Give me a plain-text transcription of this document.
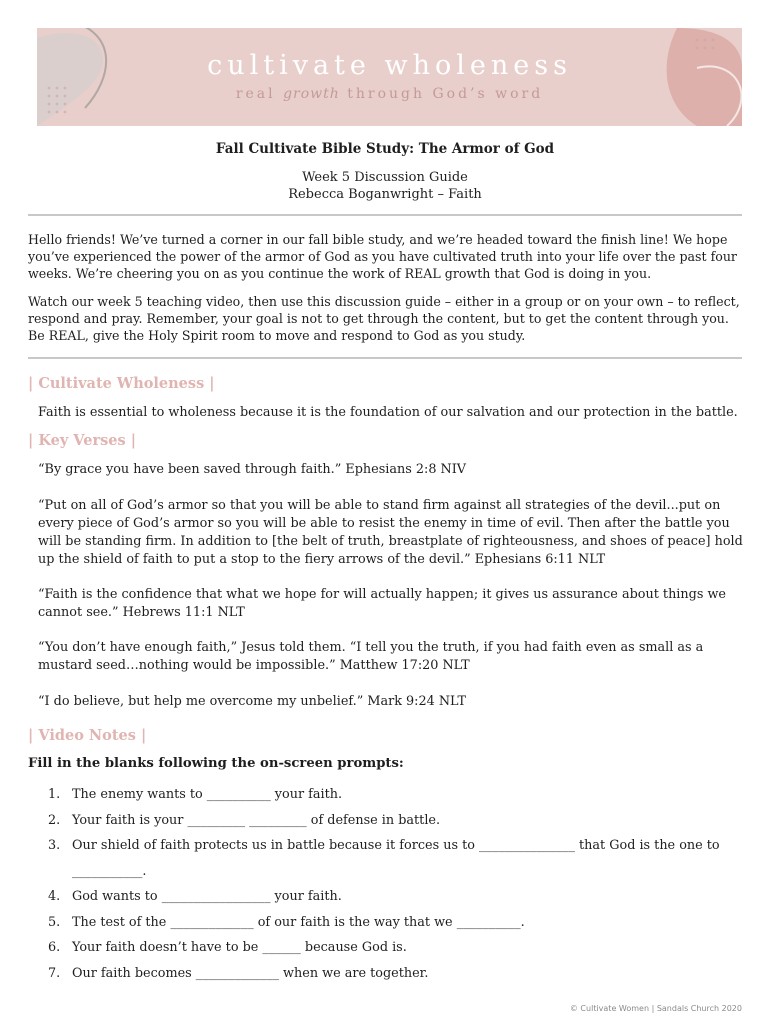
cultivate wholeness
real growth through God’s word
Fall Cultivate Bible Study: The Armor of God
Week 5 Discussion Guide
Rebecca Boganwright – Faith
Hello friends! We’ve turned a corner in our fall bible study, and we’re headed toward the finish line! We hope you’ve experienced the power of the armor of God as you have cultivated truth into your life over the past four weeks. We’re cheering you on as you continue the work of REAL growth that God is doing in you.
Watch our week 5 teaching video, then use this discussion guide – either in a group or on your own – to reflect, respond and pray. Remember, your goal is not to get through the content, but to get the content through you. Be REAL, give the Holy Spirit room to move and respond to God as you study.
| Cultivate Wholeness |
Faith is essential to wholeness because it is the foundation of our salvation and our protection in the battle.
| Key Verses |
“By grace you have been saved through faith.” Ephesians 2:8 NIV
“Put on all of God’s armor so that you will be able to stand firm against all strategies of the devil...put on every piece of God’s armor so you will be able to resist the enemy in time of evil. Then after the battle you will be standing firm. In addition to [the belt of truth, breastplate of righteousness, and shoes of peace] hold up the shield of faith to put a stop to the fiery arrows of the devil.” Ephesians 6:11 NLT
“Faith is the confidence that what we hope for will actually happen; it gives us assurance about things we cannot see.” Hebrews 11:1 NLT
“You don’t have enough faith,” Jesus told them. “I tell you the truth, if you had faith even as small as a mustard seed…nothing would be impossible.” Matthew 17:20 NLT
“I do believe, but help me overcome my unbelief.” Mark 9:24 NLT
| Video Notes |
Fill in the blanks following the on-screen prompts:
1. The enemy wants to __________ your faith.
2. Your faith is your _________ _________ of defense in battle.
3. Our shield of faith protects us in battle because it forces us to _______________ that God is the one to ___________.
4. God wants to _________________ your faith.
5. The test of the _____________ of our faith is the way that we __________.
6. Your faith doesn’t have to be ______ because God is.
7. Our faith becomes _____________ when we are together.
© Cultivate Women | Sandals Church 2020
